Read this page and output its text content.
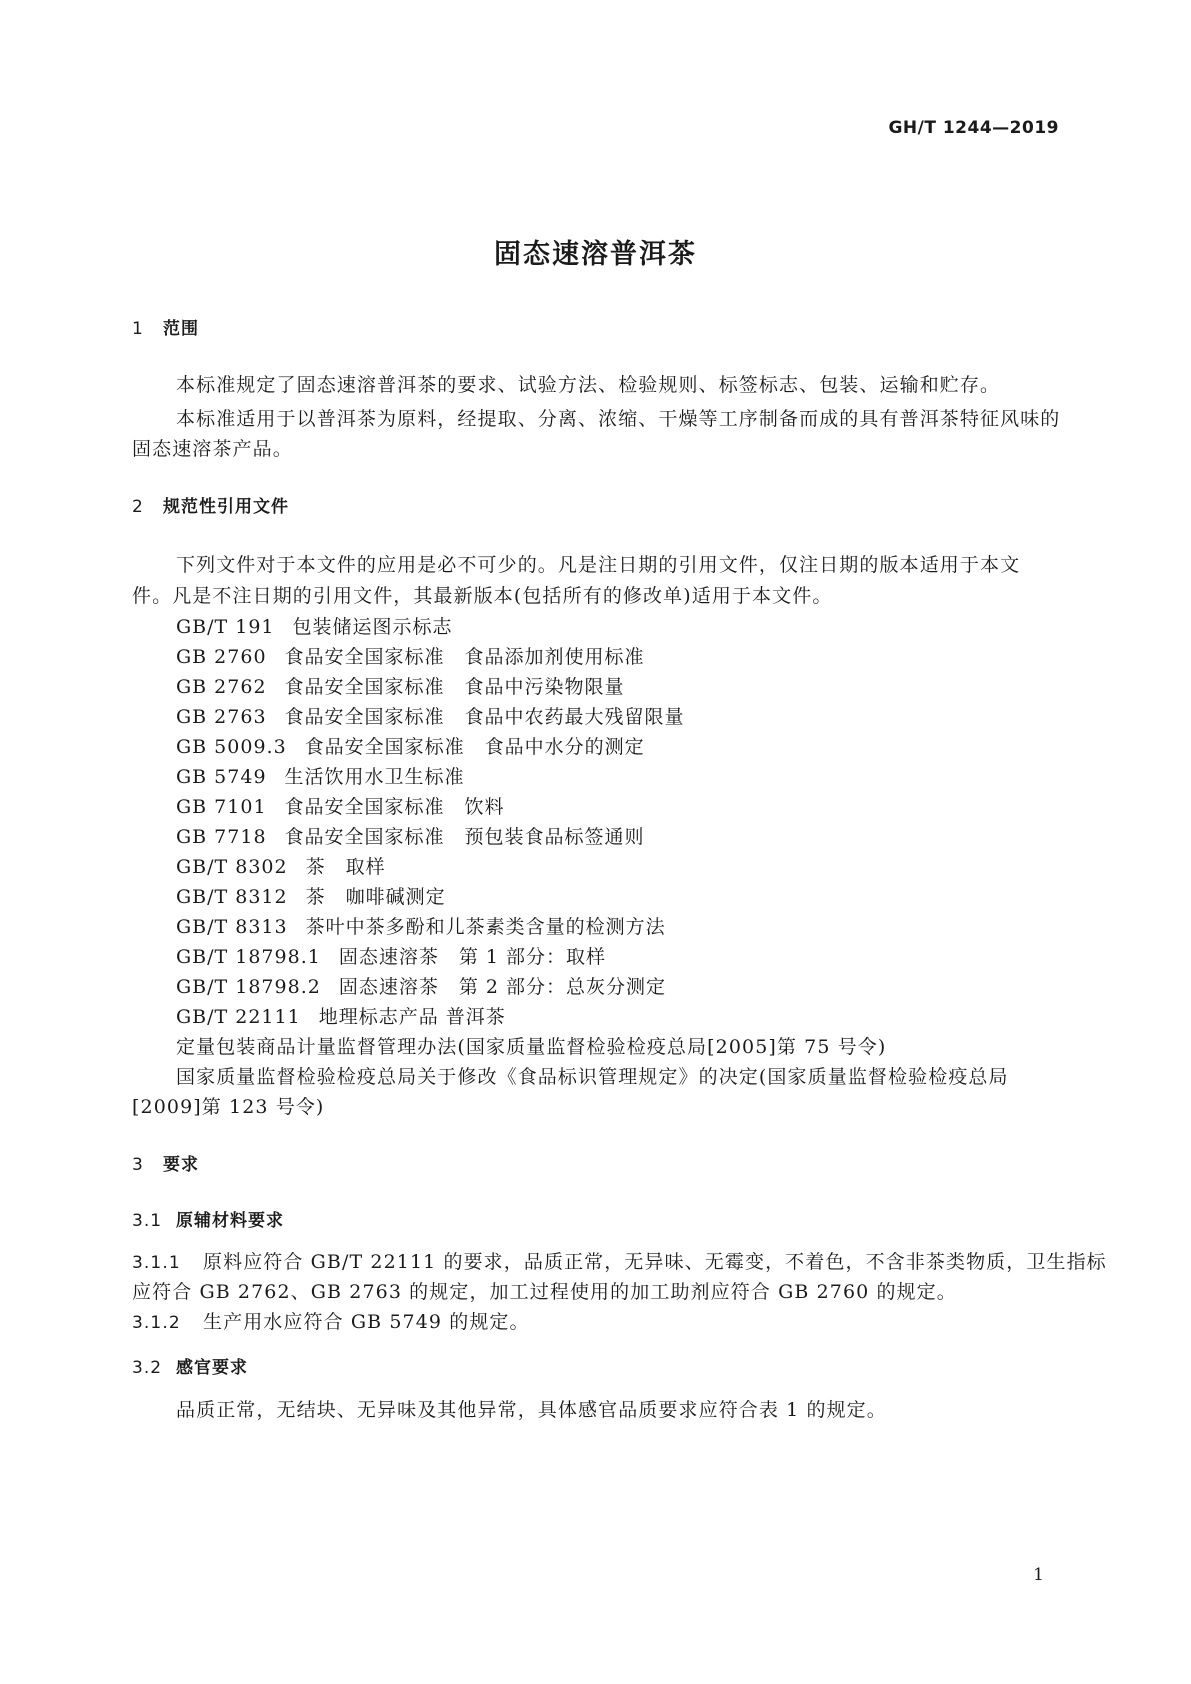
GH/T 1244—2019
固态速溶普洱茶
1 范围
本标准规定了固态速溶普洱茶的要求、试验方法、检验规则、标签标志、包装、运输和贮存。
本标准适用于以普洱茶为原料，经提取、分离、浓缩、干燥等工序制备而成的具有普洱茶特征风味的
固态速溶茶产品。
2 规范性引用文件
下列文件对于本文件的应用是必不可少的。凡是注日期的引用文件，仅注日期的版本适用于本文
件。凡是不注日期的引用文件，其最新版本(包括所有的修改单)适用于本文件。
GB/T 191 包装储运图示标志
GB 2760 食品安全国家标准　食品添加剂使用标准
GB 2762 食品安全国家标准　食品中污染物限量
GB 2763 食品安全国家标准　食品中农药最大残留限量
GB 5009.3 食品安全国家标准　食品中水分的测定
GB 5749 生活饮用水卫生标准
GB 7101 食品安全国家标准　饮料
GB 7718 食品安全国家标准　预包装食品标签通则
GB/T 8302 茶　取样
GB/T 8312 茶　咖啡碱测定
GB/T 8313 茶叶中茶多酚和儿茶素类含量的检测方法
GB/T 18798.1 固态速溶茶　第 1 部分：取样
GB/T 18798.2 固态速溶茶　第 2 部分：总灰分测定
GB/T 22111 地理标志产品 普洱茶
定量包装商品计量监督管理办法(国家质量监督检验检疫总局[2005]第 75 号令)
国家质量监督检验检疫总局关于修改《食品标识管理规定》的决定(国家质量监督检验检疫总局
[2009]第 123 号令)
3 要求
3.1 原辅材料要求
3.1.1 原料应符合 GB/T 22111 的要求，品质正常，无异味、无霉变，不着色，不含非茶类物质，卫生指标
应符合 GB 2762、GB 2763 的规定，加工过程使用的加工助剂应符合 GB 2760 的规定。
3.1.2 生产用水应符合 GB 5749 的规定。
3.2 感官要求
品质正常，无结块、无异味及其他异常，具体感官品质要求应符合表 1 的规定。
1
